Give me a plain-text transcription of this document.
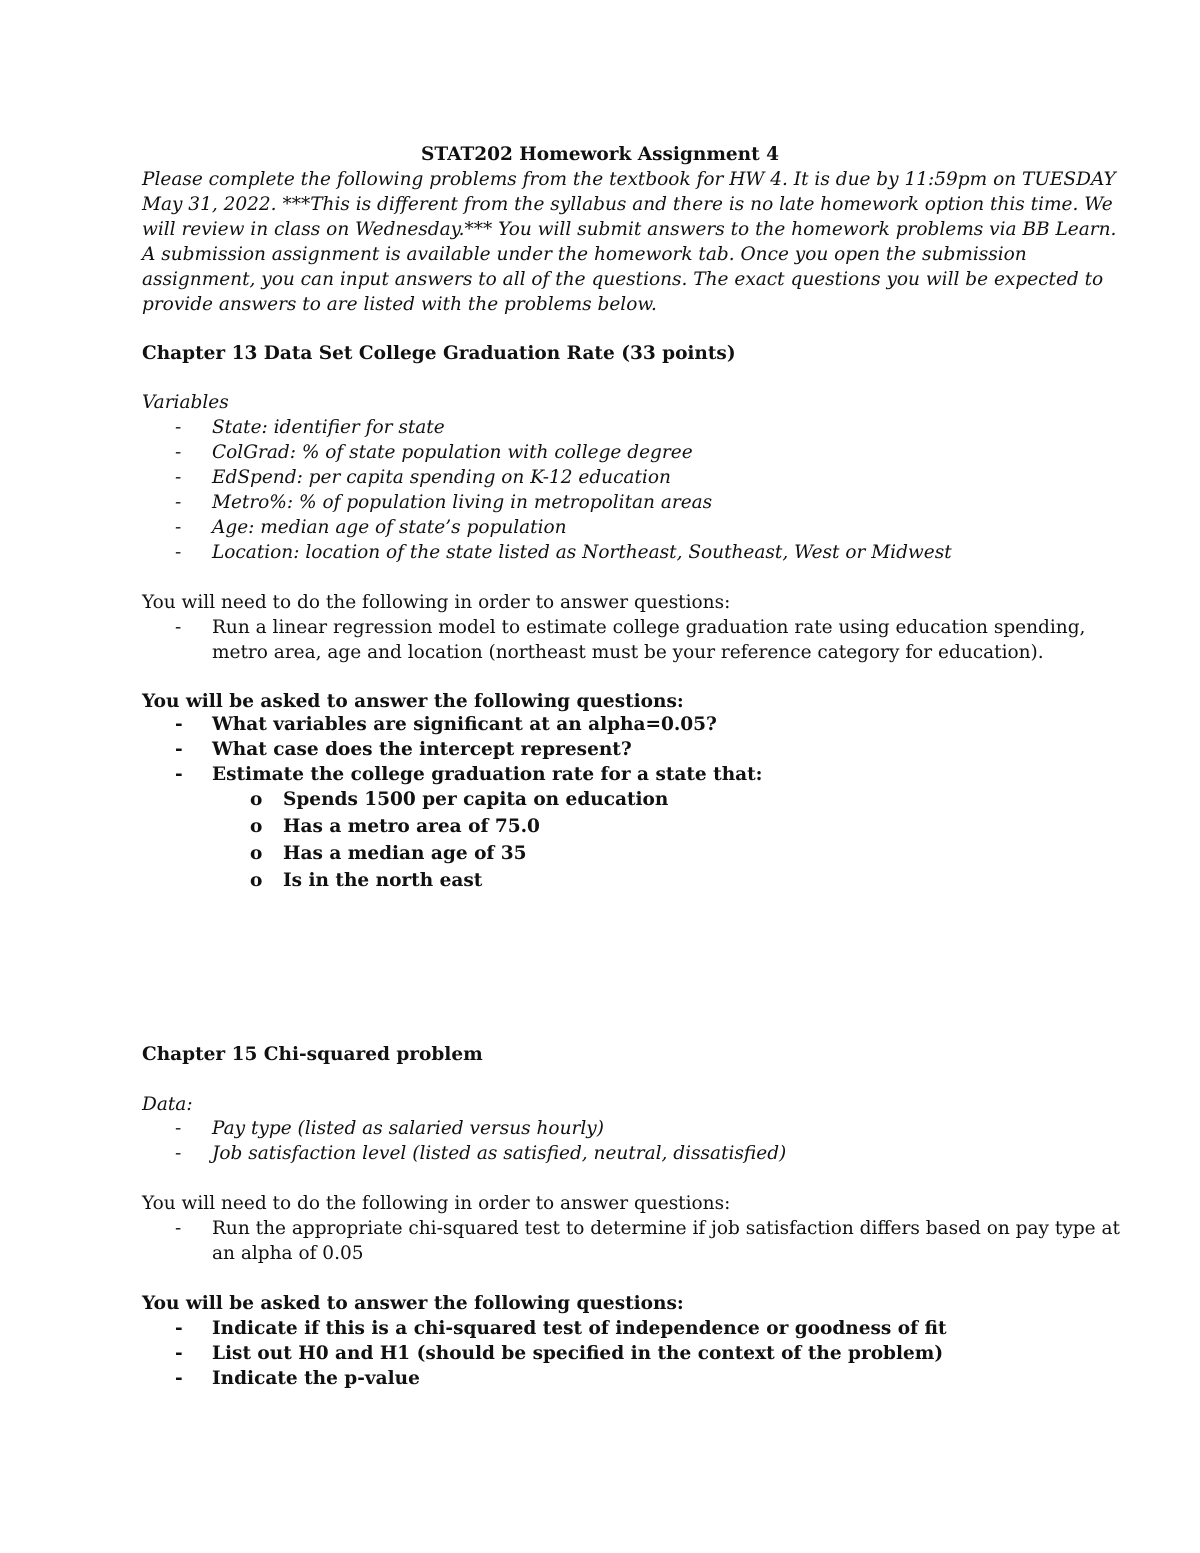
STAT202 Homework Assignment 4
Please complete the following problems from the textbook for HW 4. It is due by 11:59pm on TUESDAY
May 31, 2022. ***This is different from the syllabus and there is no late homework option this time. We
will review in class on Wednesday.*** You will submit answers to the homework problems via BB Learn.
A submission assignment is available under the homework tab. Once you open the submission
assignment, you can input answers to all of the questions. The exact questions you will be expected to
provide answers to are listed with the problems below.
Chapter 13 Data Set College Graduation Rate (33 points)
Variables
-	State: identifier for state
-	ColGrad: % of state population with college degree
-	EdSpend: per capita spending on K-12 education
-	Metro%: % of population living in metropolitan areas
-	Age: median age of state’s population
-	Location: location of the state listed as Northeast, Southeast, West or Midwest
You will need to do the following in order to answer questions:
-	Run a linear regression model to estimate college graduation rate using education spending,
metro area, age and location (northeast must be your reference category for education).
You will be asked to answer the following questions:
-	What variables are significant at an alpha=0.05?
-	What case does the intercept represent?
-	Estimate the college graduation rate for a state that:
o Spends 1500 per capita on education
o Has a metro area of 75.0
o Has a median age of 35
o Is in the north east
Chapter 15 Chi-squared problem
Data:
-	Pay type (listed as salaried versus hourly)
-	Job satisfaction level (listed as satisfied, neutral, dissatisfied)
You will need to do the following in order to answer questions:
-	Run the appropriate chi-squared test to determine if job satisfaction differs based on pay type at
an alpha of 0.05
You will be asked to answer the following questions:
-	Indicate if this is a chi-squared test of independence or goodness of fit
-	List out H0 and H1 (should be specified in the context of the problem)
-	Indicate the p-value
